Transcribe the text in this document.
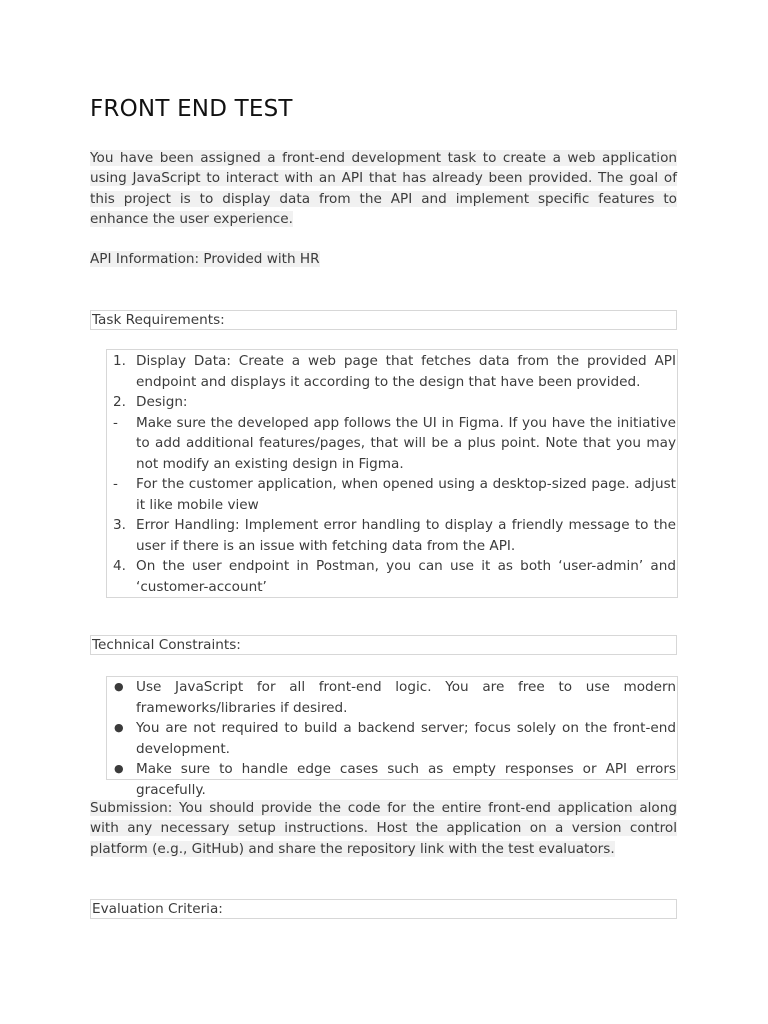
FRONT END TEST

You have been assigned a front-end development task to create a web application using JavaScript to interact with an API that has already been provided. The goal of this project is to display data from the API and implement specific features to enhance the user experience.

API Information: Provided with HR

Task Requirements:
1. Display Data: Create a web page that fetches data from the provided API endpoint and displays it according to the design that have been provided.
2. Design:
-	Make sure the developed app follows the UI in Figma. If you have the initiative to add additional features/pages, that will be a plus point. Note that you may not modify an existing design in Figma.
-	For the customer application, when opened using a desktop-sized page. adjust it like mobile view
3. Error Handling: Implement error handling to display a friendly message to the user if there is an issue with fetching data from the API.
4. On the user endpoint in Postman, you can use it as both ‘user-admin’ and ‘customer-account’
Technical Constraints:
● Use JavaScript for all front-end logic. You are free to use modern frameworks/libraries if desired.
● You are not required to build a backend server; focus solely on the front-end development.
● Make sure to handle edge cases such as empty responses or API errors gracefully.

Submission: You should provide the code for the entire front-end application along with any necessary setup instructions. Host the application on a version control platform (e.g., GitHub) and share the repository link with the test evaluators.

Evaluation Criteria:
